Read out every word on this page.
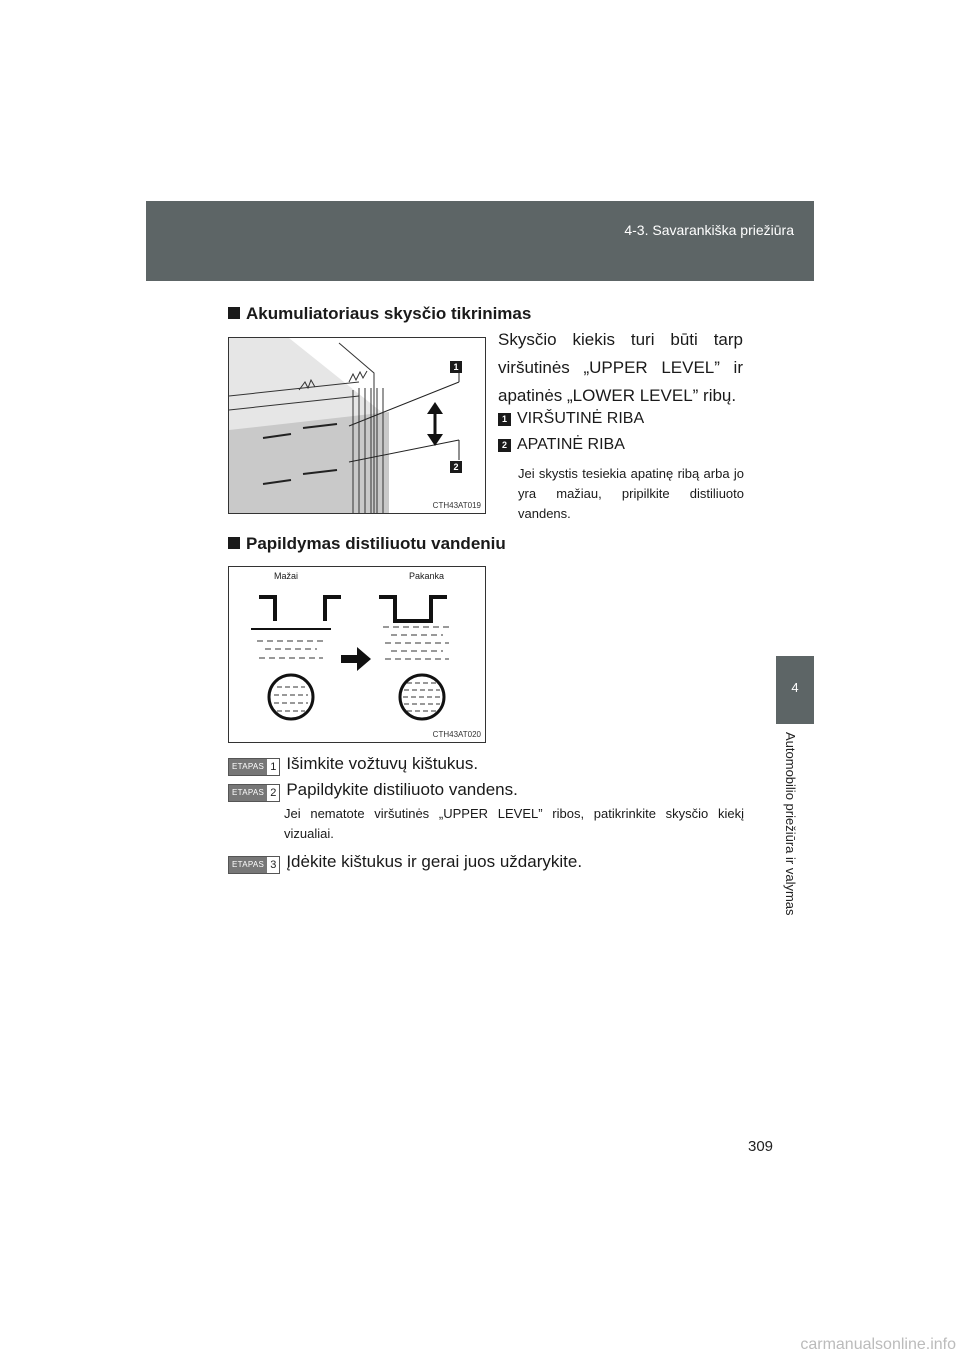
4-3. Savarankiška priežiūra
4
Automobilio priežiūra ir valymas
Akumuliatoriaus skysčio tikrinimas
1
2
CTH43AT019
Skysčio kiekis turi būti tarp viršutinės „UPPER LEVEL” ir apatinės „LOWER LEVEL” ribų.
1 VIRŠUTINĖ RIBA
2 APATINĖ RIBA
Jei skystis tesiekia apatinę ribą arba jo yra mažiau, pripilkite distiliuoto vandens.
Papildymas distiliuotu vandeniu
Mažai	Pakanka
CTH43AT020
ETAPAS 1 Išimkite vožtuvų kištukus.
ETAPAS 2 Papildykite distiliuoto vandens.
Jei nematote viršutinės „UPPER LEVEL” ribos, patikrinkite skysčio kiekį vizualiai.
ETAPAS 3 Įdėkite kištukus ir gerai juos uždarykite.
309
carmanualsonline.info
